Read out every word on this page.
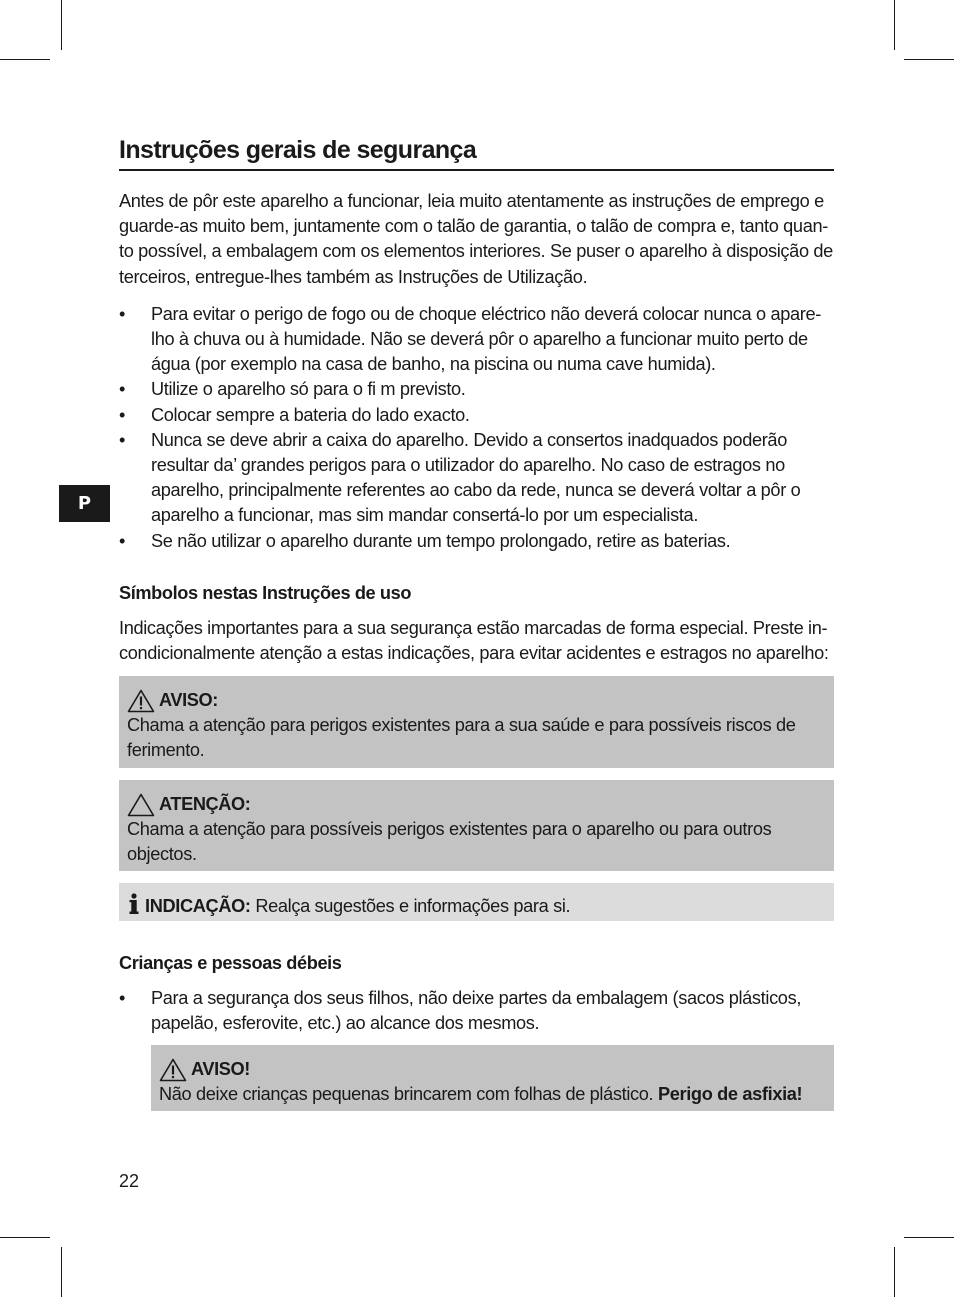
P
Instruções gerais de segurança

Antes de pôr este aparelho a funcionar, leia muito atentamente as instruções de emprego e guarde-as muito bem, juntamente com o talão de garantia, o talão de compra e, tanto quan-to possível, a embalagem com os elementos interiores. Se puser o aparelho à disposição de terceiros, entregue-lhes também as Instruções de Utilização.

• Para evitar o perigo de fogo ou de choque eléctrico não deverá colocar nunca o apare-lho à chuva ou à humidade. Não se deverá pôr o aparelho a funcionar muito perto de água (por exemplo na casa de banho, na piscina ou numa cave humida).
• Utilize o aparelho só para o fi m previsto.
• Colocar sempre a bateria do lado exacto.
• Nunca se deve abrir a caixa do aparelho. Devido a consertos inadquados poderão resultar da’ grandes perigos para o utilizador do aparelho. No caso de estragos no aparelho, principalmente referentes ao cabo da rede, nunca se deverá voltar a pôr o aparelho a funcionar, mas sim mandar consertá-lo por um especialista.
• Se não utilizar o aparelho durante um tempo prolongado, retire as baterias.
Símbolos nestas Instruções de uso

Indicações importantes para a sua segurança estão marcadas de forma especial. Preste in-condicionalmente atenção a estas indicações, para evitar acidentes e estragos no aparelho:

AVISO:
Chama a atenção para perigos existentes para a sua saúde e para possíveis riscos de ferimento.
ATENÇÃO:
Chama a atenção para possíveis perigos existentes para o aparelho ou para outros objectos.
INDICAÇÃO: Realça sugestões e informações para si.
Crianças e pessoas débeis
• Para a segurança dos seus filhos, não deixe partes da embalagem (sacos plásticos, papelão, esferovite, etc.) ao alcance dos mesmos.
AVISO!
Não deixe crianças pequenas brincarem com folhas de plástico. Perigo de asfixia!
22
